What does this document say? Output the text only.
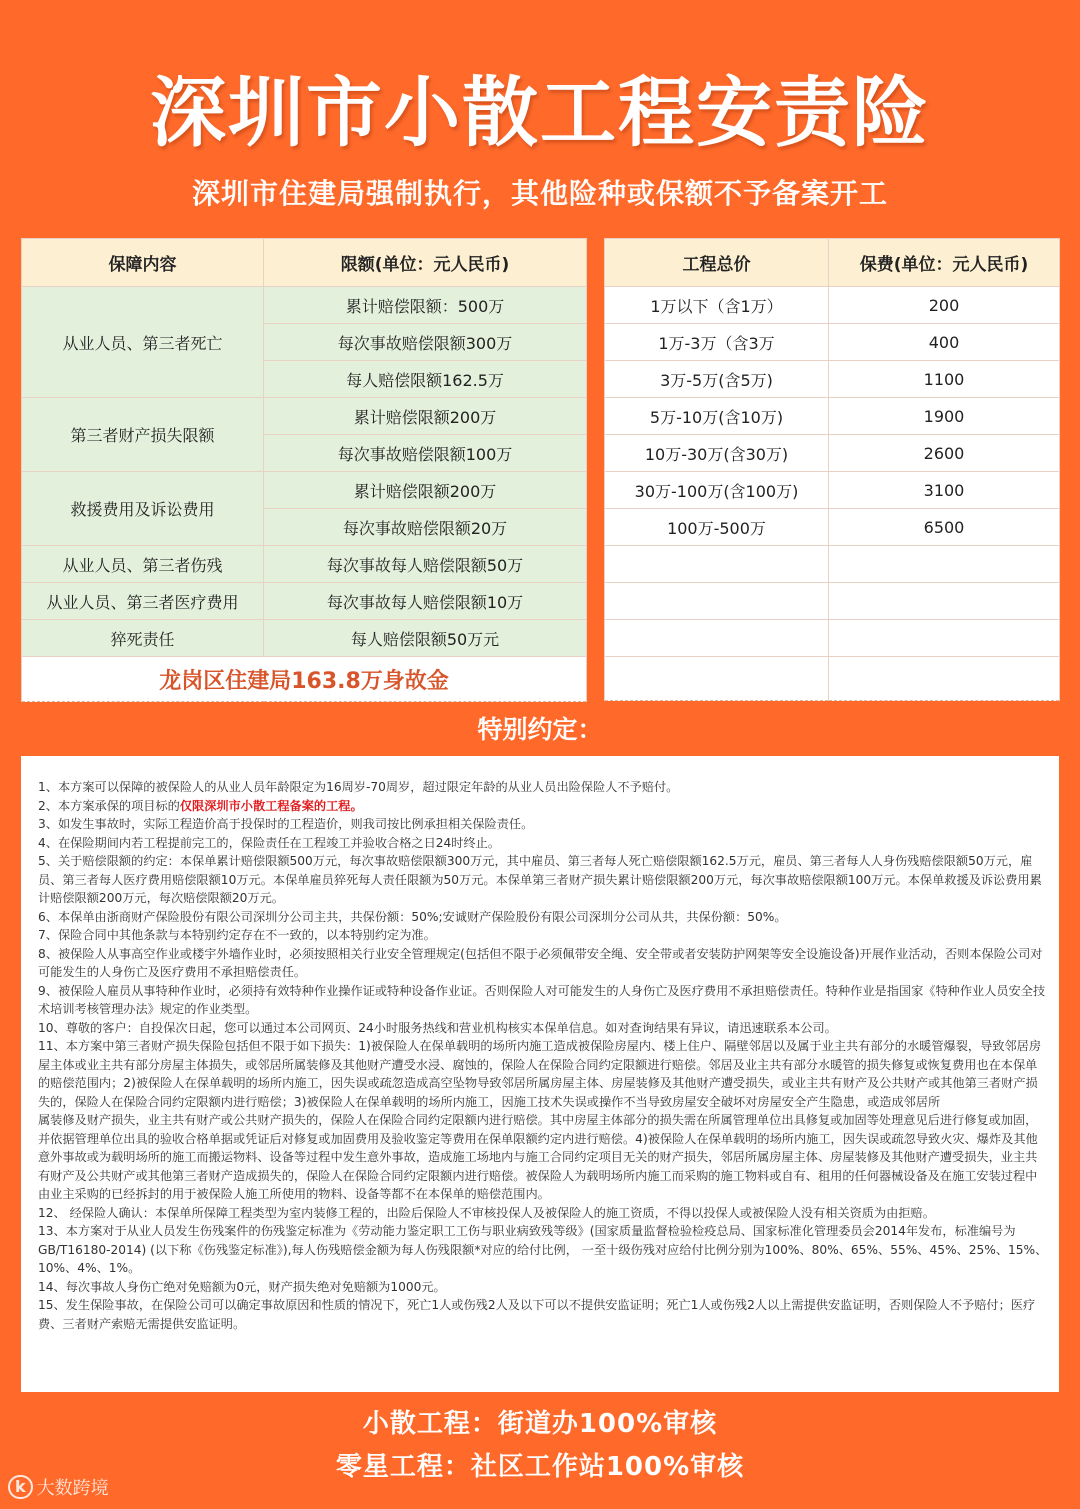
深圳市小散工程安责险
深圳市住建局强制执行，其他险种或保额不予备案开工
保障内容	限额(单位：元人民币)
从业人员、第三者死亡	累计赔偿限额：500万
	每次事故赔偿限额300万
	每人赔偿限额162.5万
第三者财产损失限额	累计赔偿限额200万
	每次事故赔偿限额100万
救援费用及诉讼费用	累计赔偿限额200万
	每次事故赔偿限额20万
从业人员、第三者伤残	每次事故每人赔偿限额50万
从业人员、第三者医疗费用	每次事故每人赔偿限额10万
猝死责任	每人赔偿限额50万元
龙岗区住建局163.8万身故金	
工程总价	保费(单位：元人民币)
1万以下（含1万）	200
1万-3万（含3万	400
3万-5万(含5万)	1100
5万-10万(含10万)	1900
10万-30万(含30万)	2600
30万-100万(含100万)	3100
100万-500万	6500

特别约定：

1、本方案可以保障的被保险人的从业人员年龄限定为16周岁-70周岁，超过限定年龄的从业人员出险保险人不予赔付。

2、本方案承保的项目标的仅限深圳市小散工程备案的工程。

3、如发生事故时，实际工程造价高于投保时的工程造价，则我司按比例承担相关保险责任。

4、在保险期间内若工程提前完工的，保险责任在工程竣工并验收合格之日24时终止。

5、关于赔偿限额的约定：本保单累计赔偿限额500万元，每次事故赔偿限额300万元，其中雇员、第三者每人死亡赔偿限额162.5万元，雇员、第三者每人人身伤残赔偿限额50万元，雇员、第三者每人医疗费用赔偿限额10万元。本保单雇员猝死每人责任限额为50万元。本保单第三者财产损失累计赔偿限额200万元，每次事故赔偿限额100万元。本保单救援及诉讼费用累

计赔偿限额200万元，每次赔偿限额20万元。

6、本保单由浙商财产保险股份有限公司深圳分公司主共，共保份额：50%;安诚财产保险股份有限公司深圳分公司从共，共保份额：50%。

7、保险合同中其他条款与本特别约定存在不一致的，以本特别约定为准。

8、被保险人从事高空作业或楼宇外墙作业时，必须按照相关行业安全管理规定(包括但不限于必须佩带安全绳、安全带或者安装防护网架等安全设施设备)开展作业活动，否则本保险公司对可能发生的人身伤亡及医疗费用不承担赔偿责任。

9、被保险人雇员从事特种作业时，必须持有效特种作业操作证或特种设备作业证。否则保险人对可能发生的人身伤亡及医疗费用不承担赔偿责任。特种作业是指国家《特种作业人员安全技术培训考核管理办法》规定的作业类型。

10、尊敬的客户：自投保次日起，您可以通过本公司网页、24小时服务热线和营业机构核实本保单信息。如对查询结果有异议，请迅速联系本公司。

11、本方案中第三者财产损失保险包括但不限于如下损失：1)被保险人在保单载明的场所内施工造成被保险房屋内、楼上住户、隔壁邻居以及属于业主共有部分的水暖管爆裂，导致邻居房屋主体或业主共有部分房屋主体损失，或邻居所属装修及其他财产遭受水浸、腐蚀的，保险人在保险合同约定限额进行赔偿。邻居及业主共有部分水暖管的损失修复或恢复费用也在本保单的赔偿范围内；2)被保险人在保单载明的场所内施工，因失误或疏忽造成高空坠物导致邻居所属房屋主体、房屋装修及其他财产遭受损失，或业主共有财产及公共财产或其他第三者财产损失的，保险人在保险合同约定限额内进行赔偿；3)被保险人在保单载明的场所内施工，因施工技术失误或操作不当导致房屋安全破坏对房屋安全产生隐患，或造成邻居所

属装修及财产损失，业主共有财产或公共财产损失的，保险人在保险合同约定限额内进行赔偿。其中房屋主体部分的损失需在所属管理单位出具修复或加固等处理意见后进行修复或加固，并依据管理单位出具的验收合格单据或凭证后对修复或加固费用及验收鉴定等费用在保单限额约定内进行赔偿。4)被保险人在保单载明的场所内施工，因失误或疏忽导致火灾、爆炸及其他意外事故或为载明场所的施工而搬运物料、设备等过程中发生意外事故，造成施工场地内与施工合同约定项目无关的财产损失，邻居所属房屋主体、房屋装修及其他财产遭受损失，业主共有财产及公共财产或其他第三者财产造成损失的，保险人在保险合同约定限额内进行赔偿。被保险人为载明场所内施工而采购的施工物料或自有、租用的任何器械设备及在施工安装过程中由业主采购的已经拆封的用于被保险人施工所使用的物料、设备等都不在本保单的赔偿范围内。

12、 经保险人确认：本保单所保障工程类型为室内装修工程的，出险后保险人不审核投保人及被保险人的施工资质，不得以投保人或被保险人没有相关资质为由拒赔。

13、本方案对于从业人员发生伤残案件的伤残鉴定标准为《劳动能力鉴定职工工伤与职业病致残等级》(国家质量监督检验检疫总局、国家标准化管理委员会2014年发布，标准编号为GB/T16180-2014) (以下称《伤残鉴定标准》),每人伤残赔偿金额为每人伤残限额*对应的给付比例， 一至十级伤残对应给付比例分别为100%、80%、65%、55%、45%、25%、15%、10%、4%、1%。

14、每次事故人身伤亡绝对免赔额为0元，财产损失绝对免赔额为1000元。

15、发生保险事故，在保险公司可以确定事故原因和性质的情况下，死亡1人或伤残2人及以下可以不提供安监证明；死亡1人或伤残2人以上需提供安监证明，否则保险人不予赔付；医疗费、三者财产索赔无需提供安监证明。

小散工程：街道办100%审核
零星工程：社区工作站100%审核
k 大数跨境
